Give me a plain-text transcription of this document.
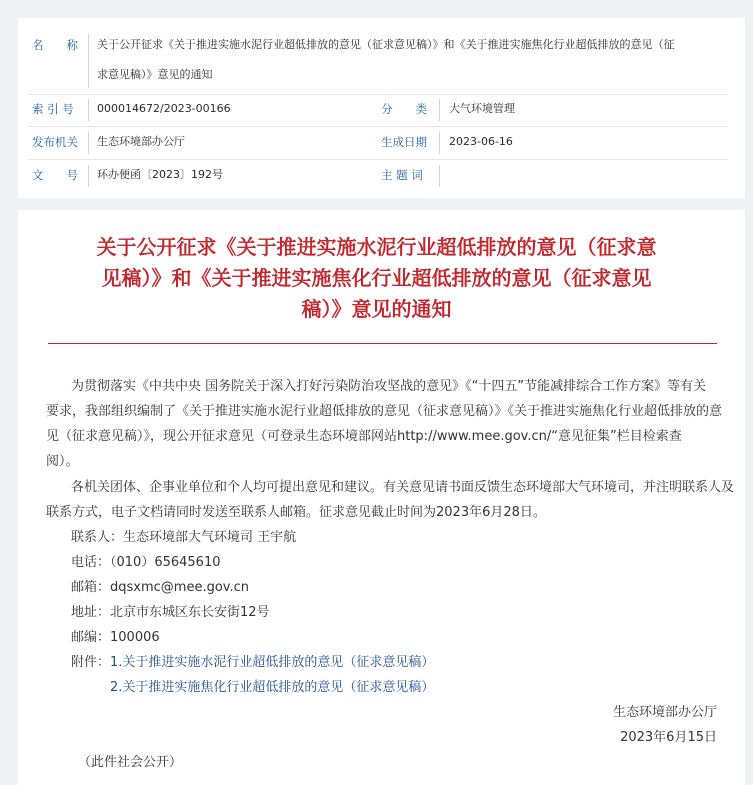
名　　称 关于公开征求《关于推进实施水泥行业超低排放的意见（征求意见稿）》和《关于推进实施焦化行业超低排放的意见（征
求意见稿）》意见的通知
索 引 号 000014672/2023-00166	分　　类 大气环境管理
发布机关 生态环境部办公厅	生成日期 2023-06-16
文　　号 环办便函〔2023〕192号	主 题 词
关于公开征求《关于推进实施水泥行业超低排放的意见（征求意
见稿）》和《关于推进实施焦化行业超低排放的意见（征求意见
稿）》意见的通知
为贯彻落实《中共中央 国务院关于深入打好污染防治攻坚战的意见》《“十四五”节能减排综合工作方案》等有关
要求，我部组织编制了《关于推进实施水泥行业超低排放的意见（征求意见稿）》《关于推进实施焦化行业超低排放的意
见（征求意见稿）》，现公开征求意见（可登录生态环境部网站http://www.mee.gov.cn/“意见征集”栏目检索查
阅）。
各机关团体、企事业单位和个人均可提出意见和建议。有关意见请书面反馈生态环境部大气环境司，并注明联系人及
联系方式，电子文档请同时发送至联系人邮箱。征求意见截止时间为2023年6月28日。
联系人：生态环境部大气环境司 王宇航
电话：（010）65645610
邮箱：dqsxmc@mee.gov.cn
地址：北京市东城区东长安街12号
邮编：100006
附件： 1.关于推进实施水泥行业超低排放的意见（征求意见稿）
2.关于推进实施焦化行业超低排放的意见（征求意见稿）
生态环境部办公厅
2023年6月15日
（此件社会公开）
